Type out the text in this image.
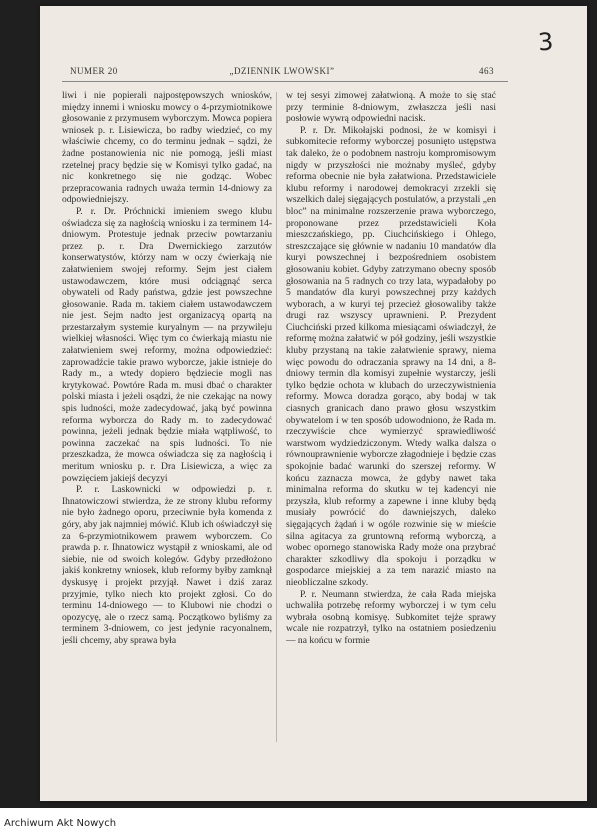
3
NUMER 20	„DZIENNIK LWOWSKI”	463

liwi i nie popierali najpostępowszych wniosków, między innemi i wniosku mowcy o 4-przymiotnikowe głosowanie z przymusem wyborczym. Mowca popiera wniosek p. r. Lisiewicza, bo radby wiedzieć, co my właściwie chcemy, co do terminu jednak – sądzi, że żadne postanowienia nic nie pomogą, jeśli miast rzetelnej pracy będzie się w Komisyi tylko gadać, na nic konkretnego się nie godząc. Wobec przepracowania radnych uważa termin 14-dniowy za odpowiedniejszy.

P. r. Dr. Próchnicki imieniem swego klubu oświadcza się za nagłością wniosku i za terminem 14-dniowym. Protestuje jednak przeciw powtarzaniu przez p. r. Dra Dwernickiego zarzutów konserwatystów, którzy nam w oczy ćwierkają nie załatwieniem swojej reformy. Sejm jest ciałem ustawodawczem, które musi odciągnąć serca obywateli od Rady państwa, gdzie jest powszechne głosowanie. Rada m. takiem ciałem ustawodawczem nie jest. Sejm nadto jest organizacyą opartą na przestarzałym systemie kuryalnym — na przywileju wielkiej własności. Więc tym co ćwierkają miastu nie załatwieniem swej reformy, można odpowiedzieć: zaprowadźcie takie prawo wyborcze, jakie istnieje do Rady m., a wtedy dopiero będziecie mogli nas krytykować. Powtóre Rada m. musi dbać o charakter polski miasta i jeżeli osądzi, że nie czekając na nowy spis ludności, może zadecydować, jaką być powinna reforma wyborcza do Rady m. to zadecydować powinna, jeżeli jednak będzie miała wątpliwość, to powinna zaczekać na spis ludności. To nie przeszkadza, że mowca oświadcza się za nagłością i meritum wniosku p. r. Dra Lisiewicza, a więc za powzięciem jakiejś decyzyi

P. r. Laskownicki w odpowiedzi p. r. Ihnatowiczowi stwierdza, że ze strony klubu reformy nie było żadnego oporu, przeciwnie była komenda z góry, aby jak najmniej mówić. Klub ich oświadczył się za 6-przymiotnikowem prawem wyborczem. Co prawda p. r. Ihnatowicz wystąpił z wnioskami, ale od siebie, nie od swoich kolegów. Gdyby przedłożono jakiś konkretny wniosek, klub reformy byłby zamknął dyskusyę i projekt przyjął. Nawet i dziś zaraz przyjmie, tylko niech kto projekt zgłosi. Co do terminu 14-dniowego — to Klubowi nie chodzi o opozycyę, ale o rzecz samą. Początkowo byliśmy za terminem 3-dniowem, co jest jedynie racyonalnem, jeśli chcemy, aby sprawa była

w tej sesyi zimowej załatwioną. A może to się stać przy terminie 8-dniowym, zwłaszcza jeśli nasi posłowie wywrą odpowiedni nacisk.

P. r. Dr. Mikołajski podnosi, że w komisyi i subkomitecie reformy wyborczej posunięto ustępstwa tak daleko, że o podobnem nastroju kompromisowym nigdy w przyszłości nie możnaby myśleć, gdyby reforma obecnie nie była załatwiona. Przedstawiciele klubu reformy i narodowej demokracyi zrzekli się wszelkich dalej sięgających postulatów, a przystali „en bloc” na minimalne rozszerzenie prawa wyborczego, proponowane przez przedstawicieli Koła mieszczańskiego, pp. Ciuchcińskiego i Ohlego, streszczające się głównie w nadaniu 10 mandatów dla kuryi powszechnej i bezpośredniem osobistem głosowaniu kobiet. Gdyby zatrzymano obecny sposób głosowania na 5 radnych co trzy lata, wypadałoby po 5 mandatów dla kuryi powszechnej przy każdych wyborach, a w kuryi tej przecież głosowaliby także drugi raz wszyscy uprawnieni. P. Prezydent Ciuchciński przed kilkoma miesiącami oświadczył, że reformę można załatwić w pół godziny, jeśli wszystkie kluby przystaną na takie załatwienie sprawy, niema więc powodu do odraczania sprawy na 14 dni, a 8-dniowy termin dla komisyi zupełnie wystarczy, jeśli tylko będzie ochota w klubach do urzeczywistnienia reformy. Mowca doradza gorąco, aby bodaj w tak ciasnych granicach dano prawo głosu wszystkim obywatelom i w ten sposób udowodniono, że Rada m. rzeczywiście chce wymierzyć sprawiedliwość warstwom wydziedziczonym. Wtedy walka dalsza o równouprawnienie wyborcze złagodnieje i będzie czas spokojnie badać warunki do szerszej reformy. W końcu zaznacza mowca, że gdyby nawet taka minimalna reforma do skutku w tej kadencyi nie przyszła, klub reformy a zapewne i inne kluby będą musiały powrócić do dawniejszych, daleko sięgających żądań i w ogóle rozwinie się w mieście silna agitacya za gruntowną reformą wyborczą, a wobec opornego stanowiska Rady może ona przybrać charakter szkodliwy dla spokoju i porządku w gospodarce miejskiej a za tem narazić miasto na nieobliczalne szkody.

P. r. Neumann stwierdza, że cała Rada miejska uchwaliła potrzebę reformy wyborczej i w tym celu wybrała osobną komisyę. Subkomitet tejże sprawy wcale nie rozpatrzył, tylko na ostatniem posiedzeniu — na końcu w formie

Archiwum Akt Nowych
